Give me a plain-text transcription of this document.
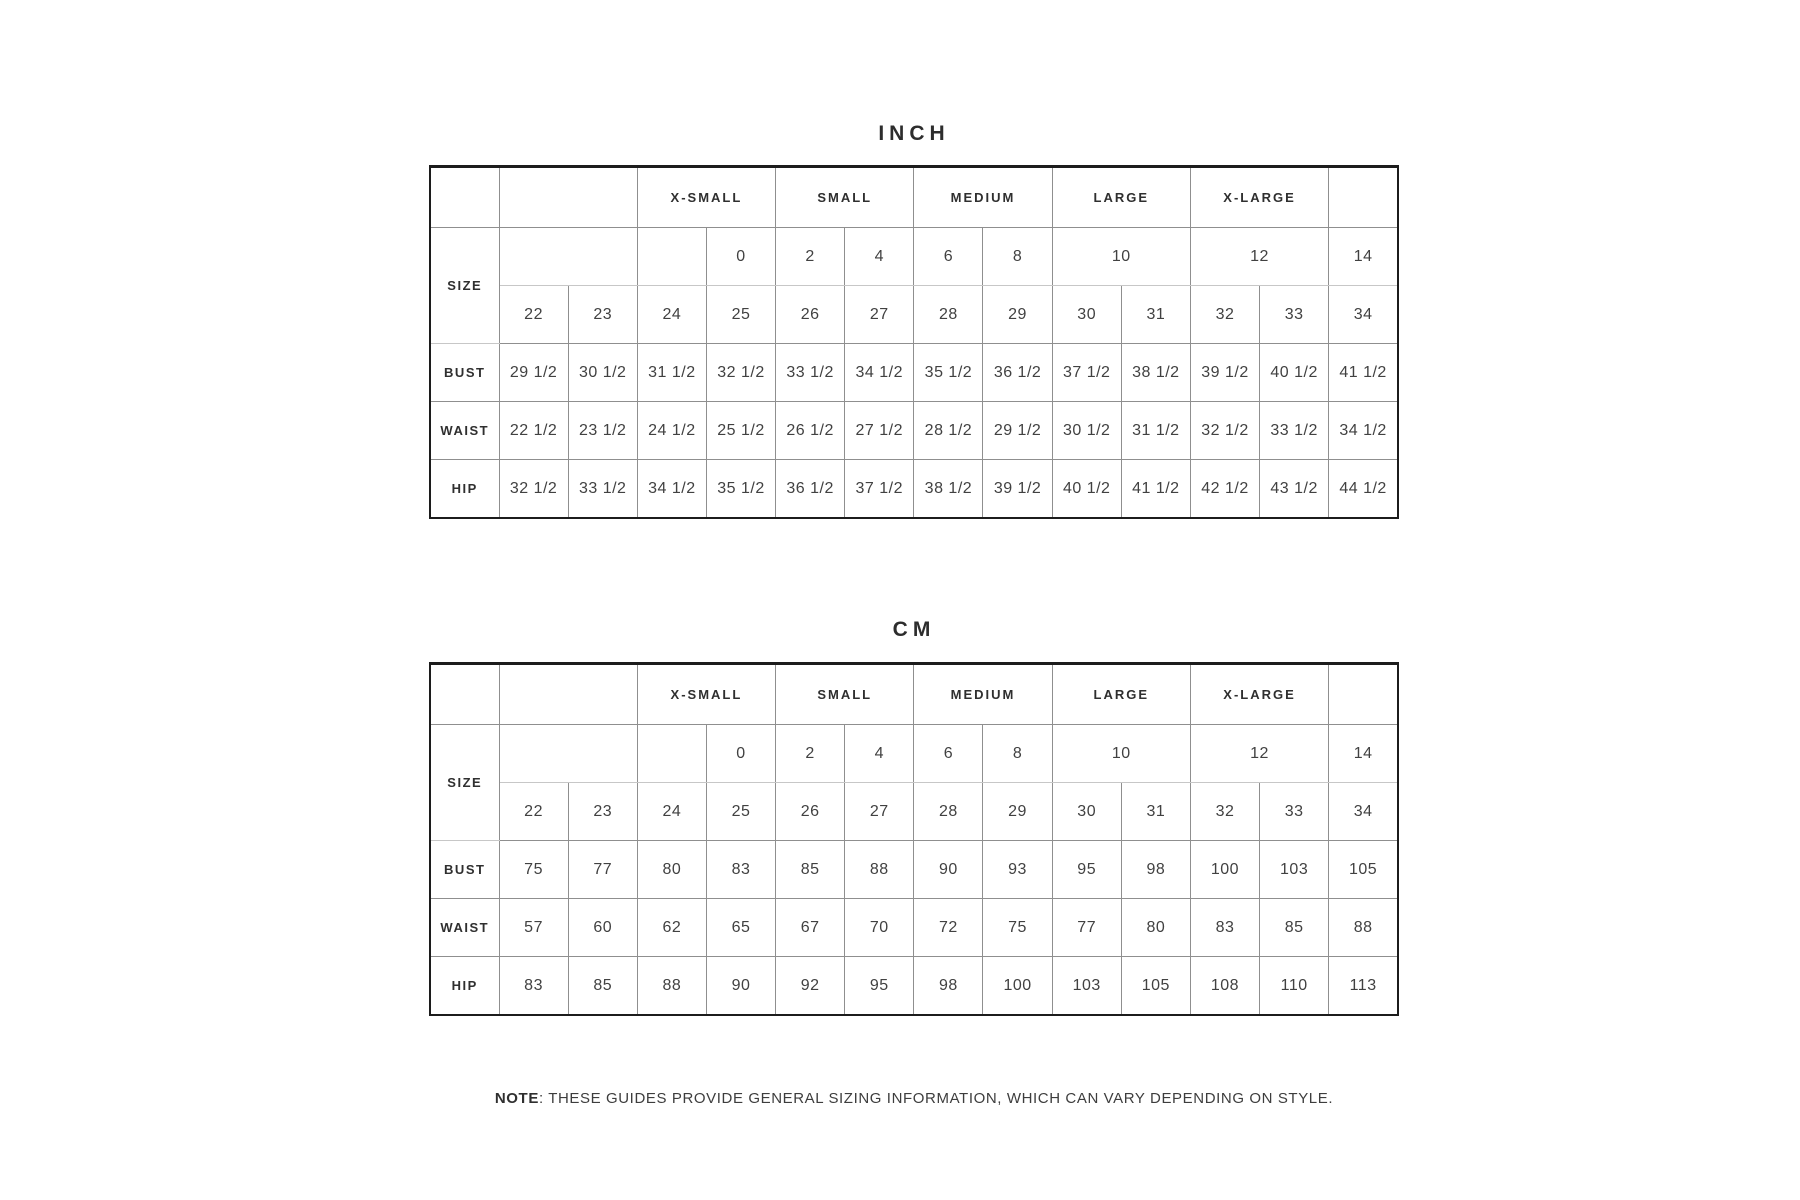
INCH
			X-SMALL		SMALL		MEDIUM		LARGE		X-LARGE		
SIZE				0	2	4	6	8	10		12		14
	22	23	24	25	26	27	28	29	30	31	32	33	34
BUST	29 1/2	30 1/2	31 1/2	32 1/2	33 1/2	34 1/2	35 1/2	36 1/2	37 1/2	38 1/2	39 1/2	40 1/2	41 1/2
WAIST	22 1/2	23 1/2	24 1/2	25 1/2	26 1/2	27 1/2	28 1/2	29 1/2	30 1/2	31 1/2	32 1/2	33 1/2	34 1/2
HIP	32 1/2	33 1/2	34 1/2	35 1/2	36 1/2	37 1/2	38 1/2	39 1/2	40 1/2	41 1/2	42 1/2	43 1/2	44 1/2
CM
			X-SMALL		SMALL		MEDIUM		LARGE		X-LARGE		
SIZE				0	2	4	6	8	10		12		14
	22	23	24	25	26	27	28	29	30	31	32	33	34
BUST	75	77	80	83	85	88	90	93	95	98	100	103	105
WAIST	57	60	62	65	67	70	72	75	77	80	83	85	88
HIP	83	85	88	90	92	95	98	100	103	105	108	110	113
NOTE: THESE GUIDES PROVIDE GENERAL SIZING INFORMATION, WHICH CAN VARY DEPENDING ON STYLE.
